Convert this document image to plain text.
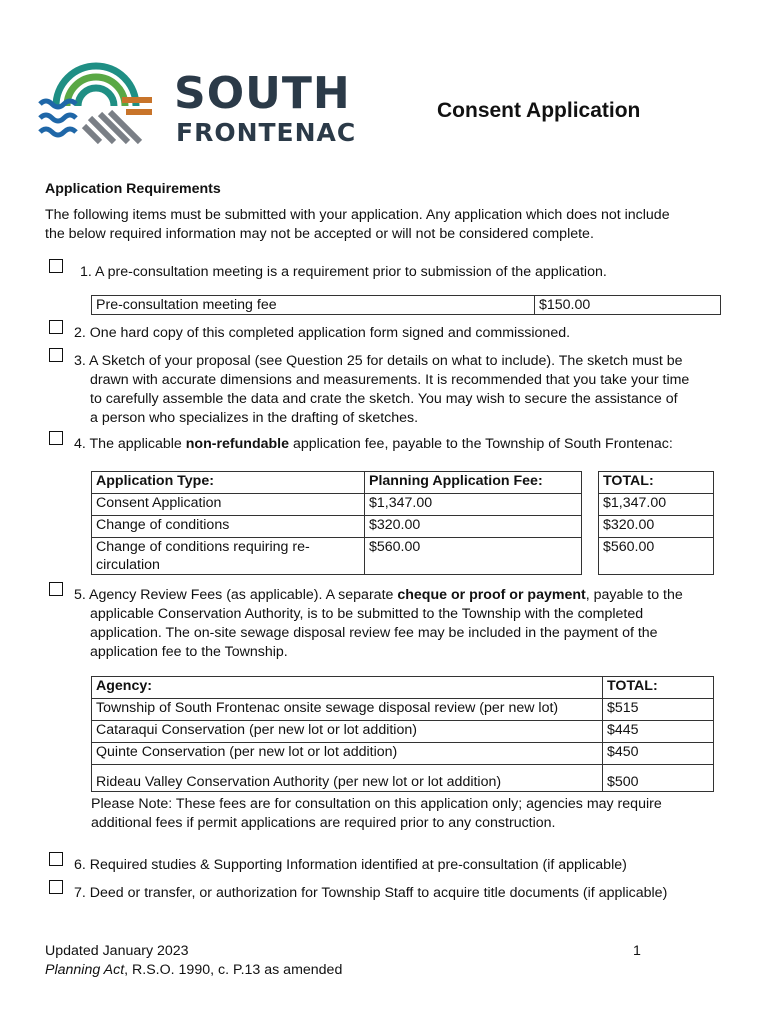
SOUTH
FRONTENAC
Consent Application
Application Requirements
The following items must be submitted with your application. Any application which does not include
the below required information may not be accepted or will not be considered complete.
1. A pre-consultation meeting is a requirement prior to submission of the application.
Pre-consultation meeting fee	$150.00
2. One hard copy of this completed application form signed and commissioned.
3. A Sketch of your proposal (see Question 25 for details on what to include). The sketch must be
drawn with accurate dimensions and measurements. It is recommended that you take your time
to carefully assemble the data and crate the sketch. You may wish to secure the assistance of
a person who specializes in the drafting of sketches.
4. The applicable non-refundable application fee, payable to the Township of South Frontenac:
Application Type:	Planning Application Fee:		TOTAL:
Consent Application	$1,347.00		$1,347.00
Change of conditions	$320.00		$320.00
Change of conditions requiring re-circulation	$560.00		$560.00
5. Agency Review Fees (as applicable). A separate cheque or proof or payment, payable to the
applicable Conservation Authority, is to be submitted to the Township with the completed
application. The on-site sewage disposal review fee may be included in the payment of the
application fee to the Township.
Agency:	TOTAL:
Township of South Frontenac onsite sewage disposal review (per new lot)	$515
Cataraqui Conservation (per new lot or lot addition)	$445
Quinte Conservation (per new lot or lot addition)	$450
Rideau Valley Conservation Authority (per new lot or lot addition)	$500
Please Note: These fees are for consultation on this application only; agencies may require
additional fees if permit applications are required prior to any construction.
6. Required studies & Supporting Information identified at pre-consultation (if applicable)
7. Deed or transfer, or authorization for Township Staff to acquire title documents (if applicable)
Updated January 2023
Planning Act, R.S.O. 1990, c. P.13 as amended
1
